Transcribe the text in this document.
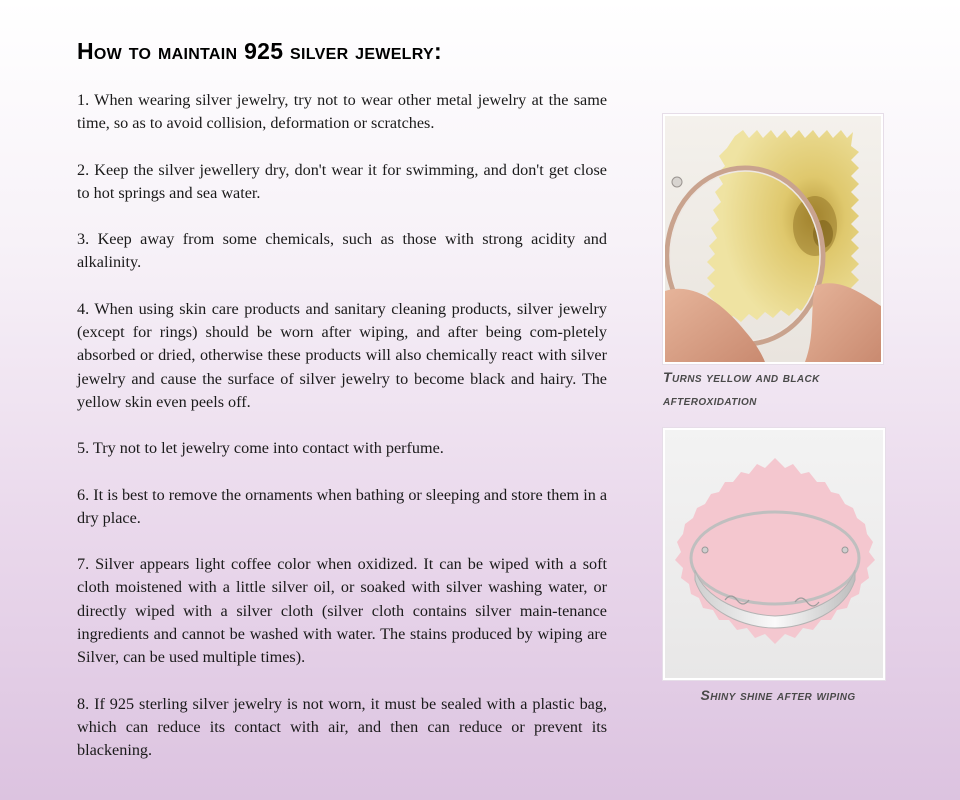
How to maintain 925 silver jewelry:

1. When wearing silver jewelry, try not to wear other metal jewelry at the same time, so as to avoid collision, deformation or scratches.

2. Keep the silver jewellery dry, don't wear it for swimming, and don't get close to hot springs and sea water.

3. Keep away from some chemicals, such as those with strong acidity and alkalinity.

4. When using skin care products and sanitary cleaning products, silver jewelry (except for rings) should be worn after wiping, and after being com-pletely absorbed or dried, otherwise these products will also chemically react with silver jewelry and cause the surface of silver jewelry to become black and hairy. The yellow skin even peels off.

5. Try not to let jewelry come into contact with perfume.

6. It is best to remove the ornaments when bathing or sleeping and store them in a dry place.

7. Silver appears light coffee color when oxidized. It can be wiped with a soft cloth moistened with a little silver oil, or soaked with silver washing water, or directly wiped with a silver cloth (silver cloth contains silver main-tenance ingredients and cannot be washed with water. The stains produced by wiping are Silver, can be used multiple times).

8. If 925 sterling silver jewelry is not worn, it must be sealed with a plastic bag, which can reduce its contact with air, and then can reduce or prevent its blackening.

Turns yellow and black afteroxidation
Shiny shine after wiping
